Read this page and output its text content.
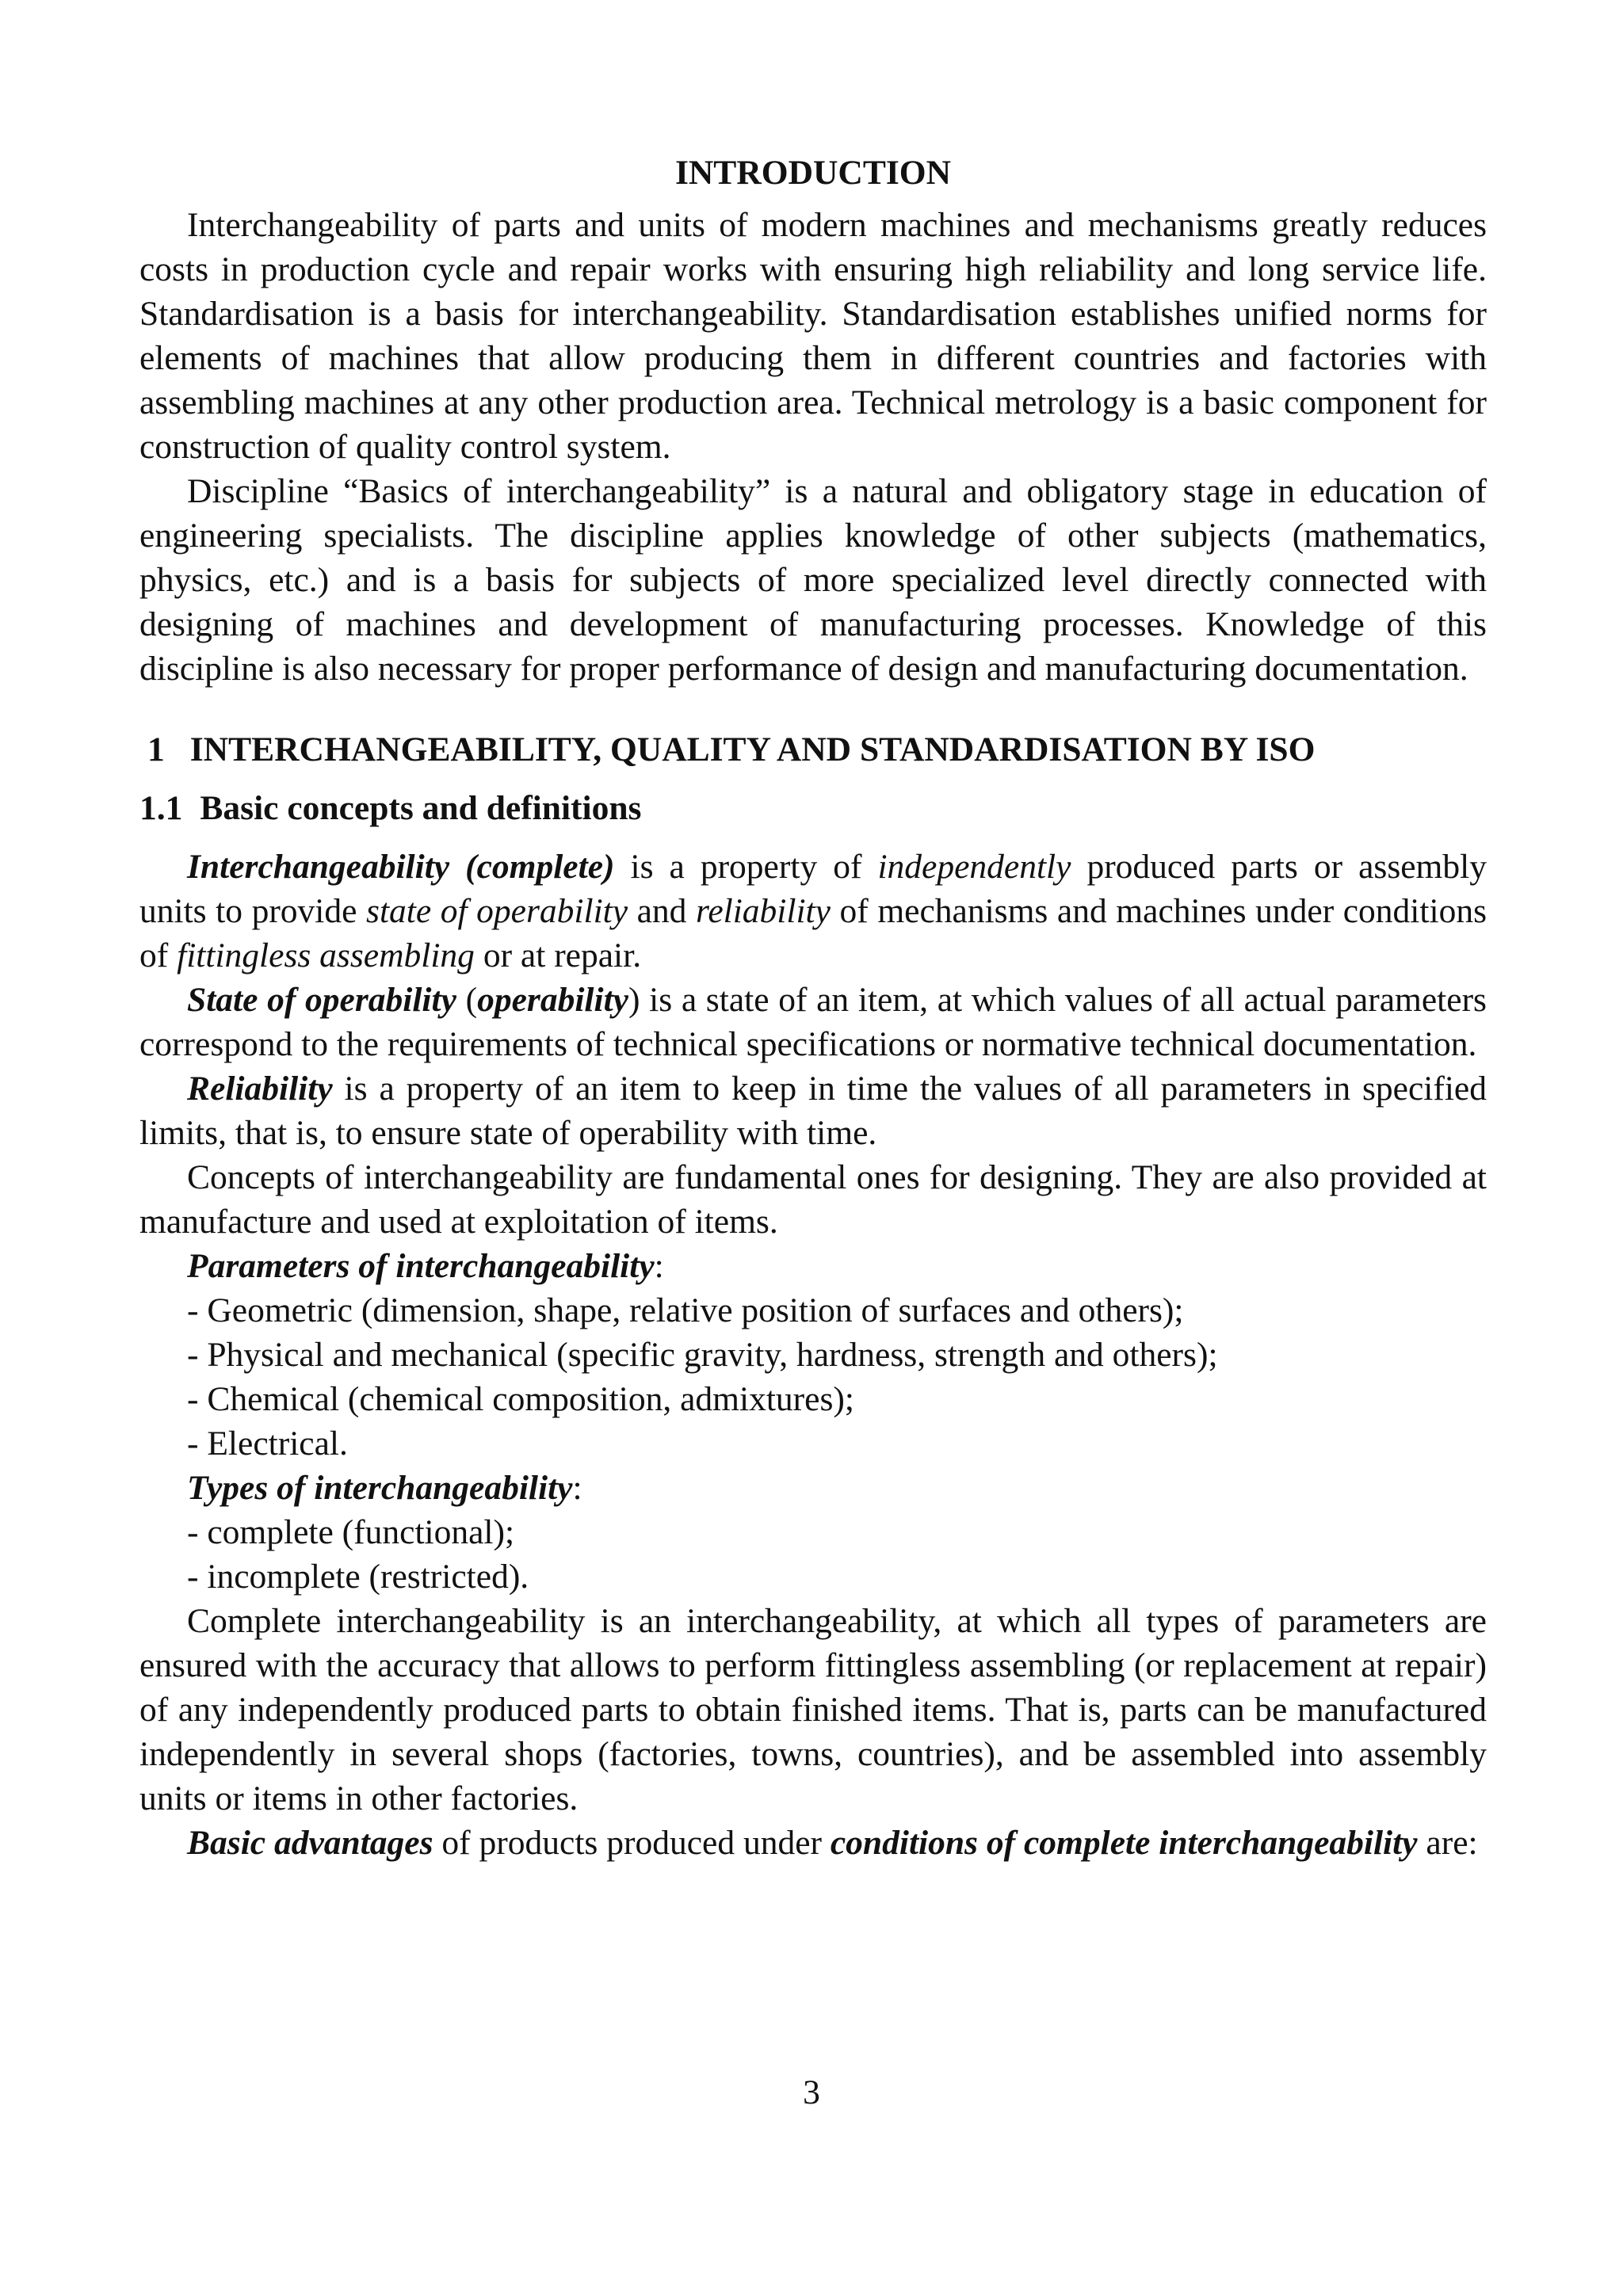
INTRODUCTION

Interchangeability of parts and units of modern machines and mechanisms greatly reduces costs in production cycle and repair works with ensuring high reliability and long service life. Standardisation is a basis for interchangeability. Standardisation establishes unified norms for elements of machines that allow producing them in different countries and factories with assembling machines at any other production area. Technical metrology is a basic component for construction of quality control system.

Discipline “Basics of interchangeability” is a natural and obligatory stage in education of engineering specialists. The discipline applies knowledge of other subjects (mathematics, physics, etc.) and is a basis for subjects of more specialized level directly connected with designing of machines and development of manufacturing processes. Knowledge of this discipline is also necessary for proper performance of design and manufacturing documentation.

1 INTERCHANGEABILITY, QUALITY AND STANDARDISATION BY ISO
1.1 Basic concepts and definitions

Interchangeability (complete) is a property of independently produced parts or assembly units to provide state of operability and reliability of mechanisms and machines under conditions of fittingless assembling or at repair.

State of operability (operability) is a state of an item, at which values of all actual parameters correspond to the requirements of technical specifications or normative technical documentation.

Reliability is a property of an item to keep in time the values of all parameters in specified limits, that is, to ensure state of operability with time.

Concepts of interchangeability are fundamental ones for designing. They are also provided at manufacture and used at exploitation of items.

Parameters of interchangeability:

- Geometric (dimension, shape, relative position of surfaces and others);

- Physical and mechanical (specific gravity, hardness, strength and others);

- Chemical (chemical composition, admixtures);

- Electrical.

Types of interchangeability:

- complete (functional);

- incomplete (restricted).

Complete interchangeability is an interchangeability, at which all types of parameters are ensured with the accuracy that allows to perform fittingless assembling (or replacement at repair) of any independently produced parts to obtain finished items. That is, parts can be manufactured independently in several shops (factories, towns, countries), and be assembled into assembly units or items in other factories.

Basic advantages of products produced under conditions of complete interchangeability are:

3
